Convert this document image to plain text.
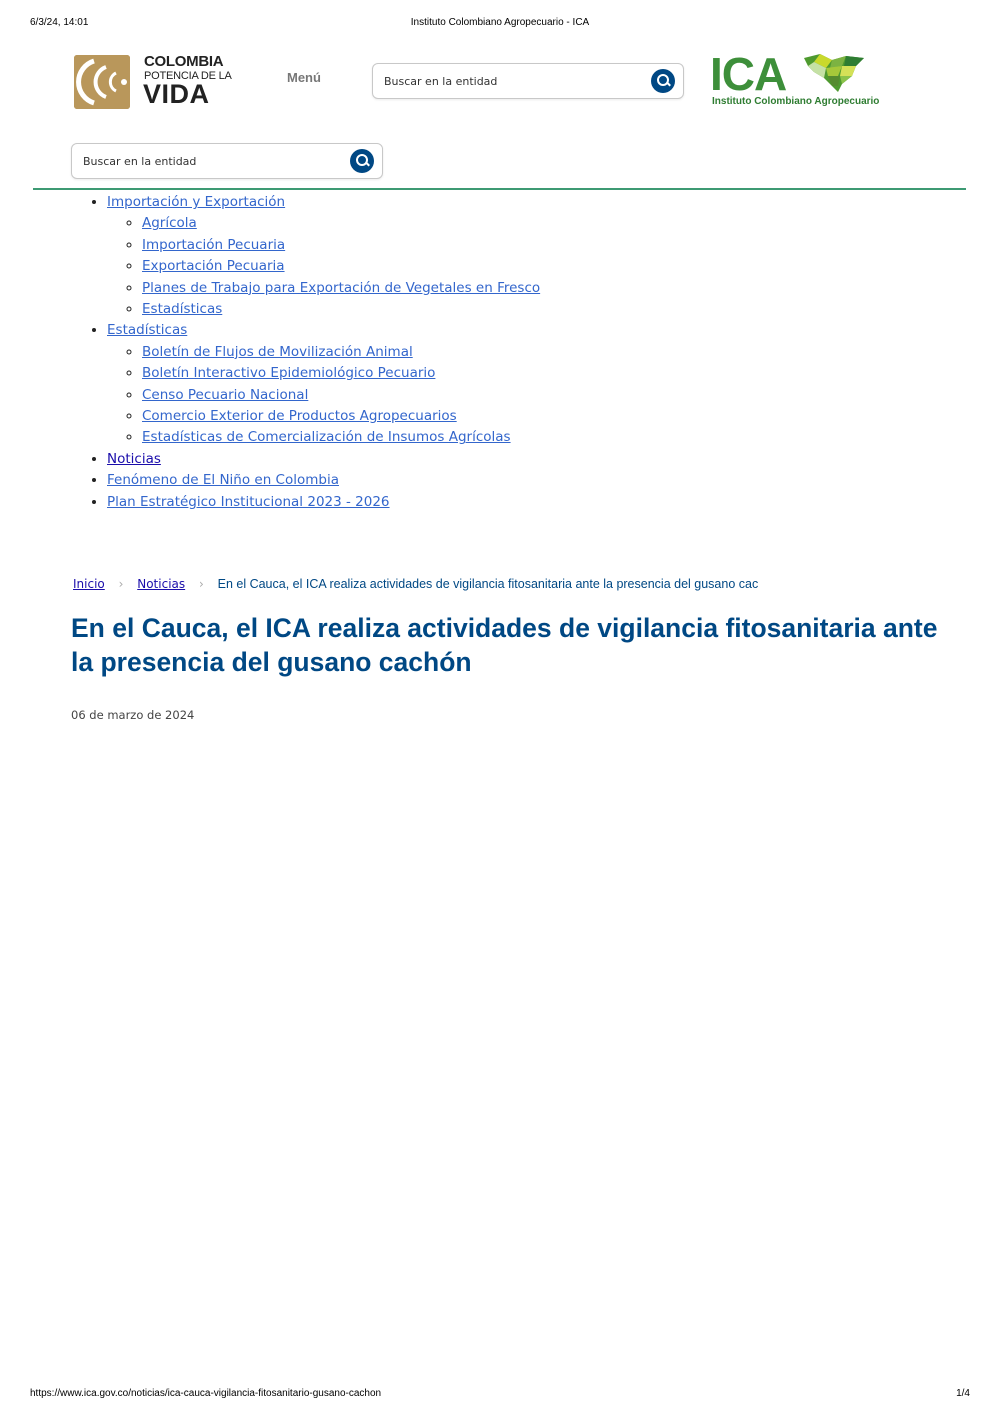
6/3/24, 14:01	Instituto Colombiano Agropecuario - ICA
COLOMBIA
POTENCIA DE LA
VIDA
Menú
Buscar en la entidad	ICA
Instituto Colombiano Agropecuario
Buscar en la entidad
• Importación y Exportación
◦ Agrícola
◦ Importación Pecuaria
◦ Exportación Pecuaria
◦ Planes de Trabajo para Exportación de Vegetales en Fresco
◦ Estadísticas
• Estadísticas
◦ Boletín de Flujos de Movilización Animal
◦ Boletín Interactivo Epidemiológico Pecuario
◦ Censo Pecuario Nacional
◦ Comercio Exterior de Productos Agropecuarios
◦ Estadísticas de Comercialización de Insumos Agrícolas
• Noticias
• Fenómeno de El Niño en Colombia
• Plan Estratégico Institucional 2023 - 2026
Inicio › Noticias › En el Cauca, el ICA realiza actividades de vigilancia fitosanitaria ante la presencia del gusano cac
En el Cauca, el ICA realiza actividades de vigilancia fitosanitaria ante la presencia del gusano cachón
06 de marzo de 2024
https://www.ica.gov.co/noticias/ica-cauca-vigilancia-fitosanitario-gusano-cachon	1/4
